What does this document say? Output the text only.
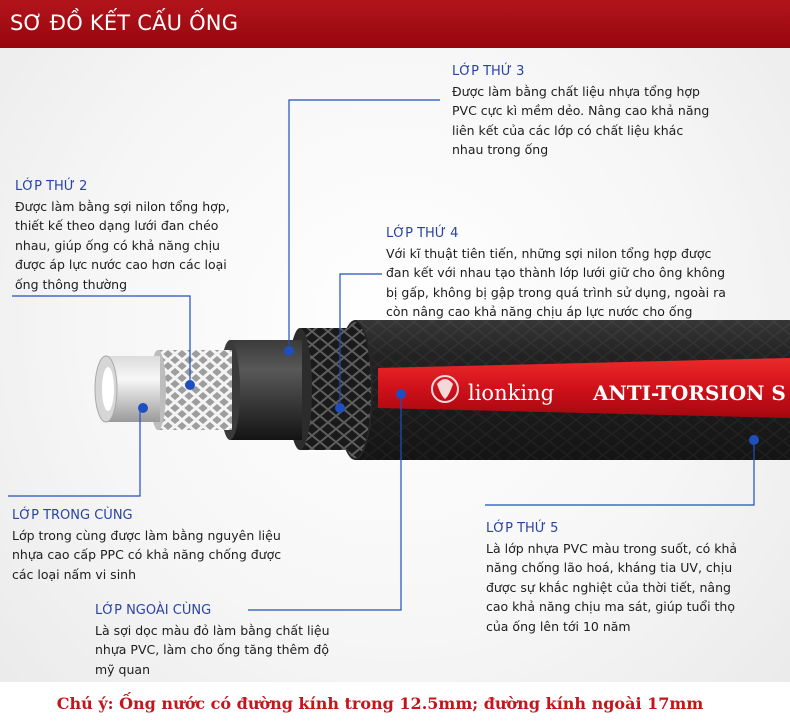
lionking ANTI-TORSION S
SƠ ĐỒ KẾT CẤU ỐNG
LỚP THỨ 3
Được làm bằng chất liệu nhựa tổng hợp
PVC cực kì mềm dẻo. Nâng cao khả năng
liên kết của các lớp có chất liệu khác
nhau trong ống
LỚP THỨ 2
Được làm bằng sợi nilon tổng hợp,
thiết kế theo dạng lưới đan chéo
nhau, giúp ống có khả năng chịu
được áp lực nước cao hơn các loại
ống thông thường
LỚP THỨ 4
Với kĩ thuật tiên tiến, những sợi nilon tổng hợp được
đan kết với nhau tạo thành lớp lưới giữ cho ông không
bị gấp, không bị gập trong quá trình sử dụng, ngoài ra
còn nâng cao khả năng chịu áp lực nước cho ống
LỚP TRONG CÙNG
Lớp trong cùng được làm bằng nguyên liệu
nhựa cao cấp PPC có khả năng chống được
các loại nấm vi sinh
LỚP THỨ 5
Là lớp nhựa PVC màu trong suốt, có khả
năng chống lão hoá, kháng tia UV, chịu
được sự khắc nghiệt của thời tiết, nâng
cao khả năng chịu ma sát, giúp tuổi thọ
của ống lên tới 10 năm
LỚP NGOÀI CÙNG
Là sợi dọc màu đỏ làm bằng chất liệu
nhựa PVC, làm cho ống tăng thêm độ
mỹ quan
Chú ý: Ống nước có đường kính trong 12.5mm; đường kính ngoài 17mm
